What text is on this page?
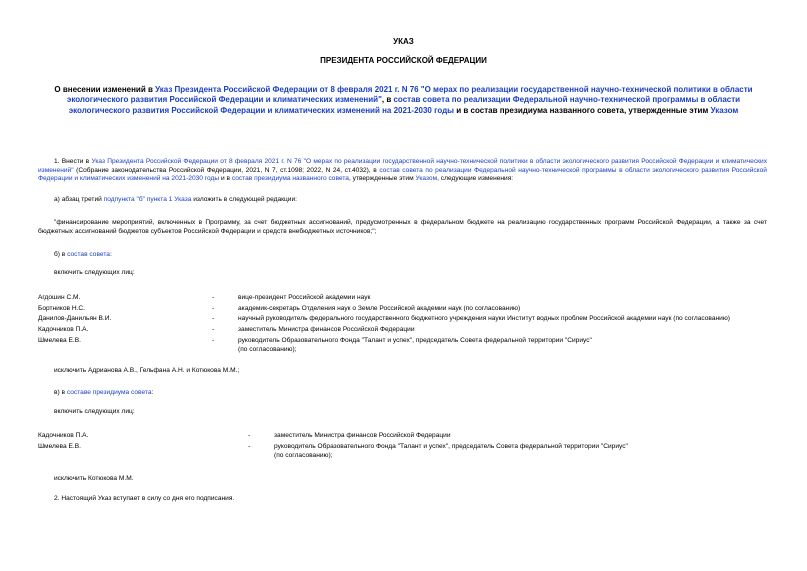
УКАЗ
ПРЕЗИДЕНТА РОССИЙСКОЙ ФЕДЕРАЦИИ
О внесении изменений в Указ Президента Российской Федерации от 8 февраля 2021 г. N 76 "О мерах по реализации государственной научно-технической политики в области экологического развития Российской Федерации и климатических изменений", в состав совета по реализации Федеральной научно-технической программы в области экологического развития Российской Федерации и климатических изменений на 2021-2030 годы и в состав президиума названного совета, утвержденные этим Указом
1. Внести в Указ Президента Российской Федерации от 8 февраля 2021 г. N 76 "О мерах по реализации государственной научно-технической политики в области экологического развития Российской Федерации и климатических изменений" (Собрание законодательства Российской Федерации, 2021, N 7, ст.1098; 2022, N 24, ст.4032), в состав совета по реализации Федеральной научно-технической программы в области экологического развития Российской Федерации и климатических изменений на 2021-2030 годы и в состав президиума названного совета, утвержденные этим Указом, следующие изменения:
а) абзац третий подпункта "б" пункта 1 Указа изложить в следующей редакции:
"финансирование мероприятий, включенных в Программу, за счет бюджетных ассигнований, предусмотренных в федеральном бюджете на реализацию государственных программ Российской Федерации, а также за счет бюджетных ассигнований бюджетов субъектов Российской Федерации и средств внебюджетных источников;";
б) в состав совета:
включить следующих лиц:
Агдошин С.М.	-	вице-президент Российской академии наук
Бортников Н.С.	-	академик-секретарь Отделения наук о Земле Российской академии наук (по согласованию)
Данилов-Данильян В.И.	-	научный руководитель федерального государственного бюджетного учреждения науки Институт водных проблем Российской академии наук (по согласованию)
Кадочников П.А.	-	заместитель Министра финансов Российской Федерации
Шмелева Е.В.	-	руководитель Образовательного Фонда "Талант и успех", председатель Совета федеральной территории "Сириус"
(по согласованию);
исключить Адрианова А.В., Гельфана А.Н. и Котюкова М.М.;
в) в составе президиума совета:
включить следующих лиц:
Кадочников П.А.	-	заместитель Министра финансов Российской Федерации
Шмелева Е.В.	-	руководитель Образовательного Фонда "Талант и успех", председатель Совета федеральной территории "Сириус"
(по согласованию);
исключить Котюкова М.М.
2. Настоящий Указ вступает в силу со дня его подписания.
